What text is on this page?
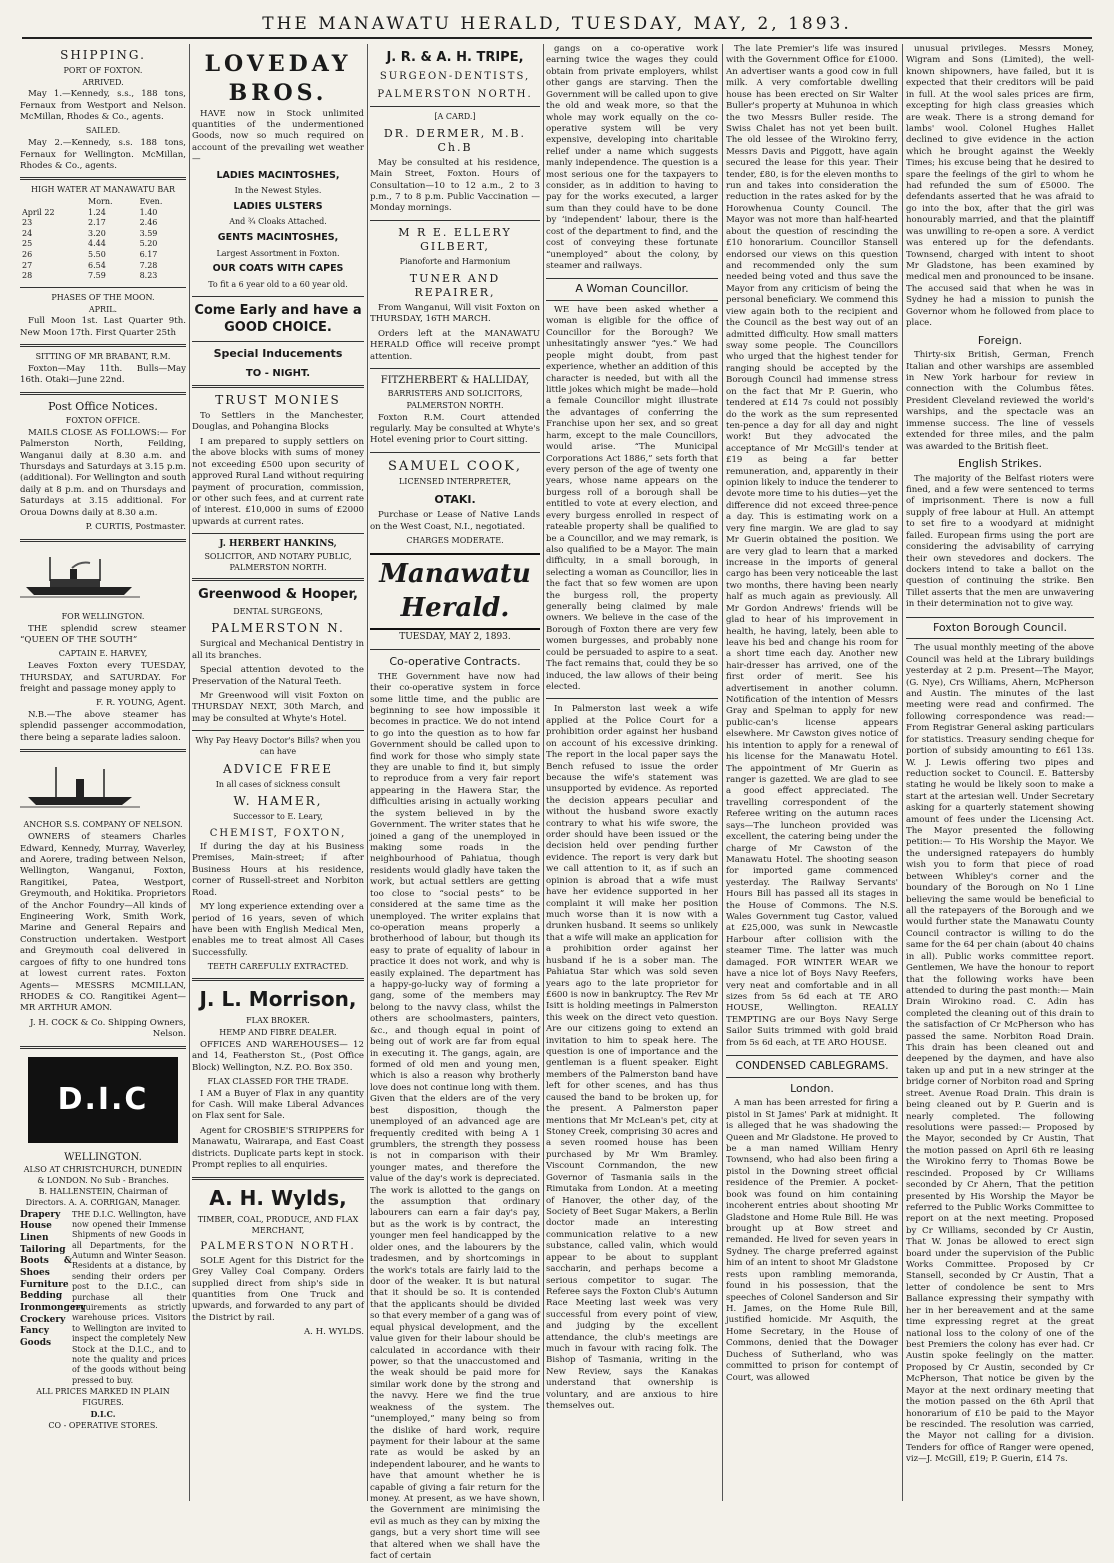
THE MANAWATU HERALD, TUESDAY, MAY, 2, 1893.
SHIPPING.
PORT OF FOXTON.
ARRIVED.

May 1.—Kennedy, s.s., 188 tons, Fernaux from Westport and Nelson. McMillan, Rhodes & Co., agents.

SAILED.

May 2.—Kennedy, s.s. 188 tons, Fernaux for Wellington. McMillan, Rhodes & Co., agents.

HIGH WATER AT MANAWATU BAR
	Morn.	Even.
April 22	1.24	1.40
23	2.17	2.46
24	3.20	3.59
25	4.44	5.20
26	5.50	6.17
27	6.54	7.28
28	7.59	8.23
PHASES OF THE MOON.
APRIL.

Full Moon 1st. Last Quarter 9th. New Moon 17th. First Quarter 25th

SITTING OF MR BRABANT, R.M.

Foxton—May 11th. Bulls—May 16th. Otaki—June 22nd.

Post Office Notices.
FOXTON OFFICE.

MAILS CLOSE AS FOLLOWS:— For Palmerston North, Feilding, Wanganui daily at 8.30 a.m. and Thursdays and Saturdays at 3.15 p.m. (additional). For Wellington and south daily at 8 p.m. and on Thursdays and Saturdays at 3.15 additional. For Oroua Downs daily at 8.30 a.m.

P. CURTIS, Postmaster.
FOR WELLINGTON.

THE splendid screw steamer “QUEEN OF THE SOUTH”

CAPTAIN E. HARVEY,

Leaves Foxton every TUESDAY, THURSDAY, and SATURDAY. For freight and passage money apply to

F. R. YOUNG, Agent.

N.B.—The above steamer has splendid passenger accommodation, there being a separate ladies saloon.

ANCHOR S.S. COMPANY OF NELSON.

OWNERS of steamers Charles Edward, Kennedy, Murray, Waverley, and Aorere, trading between Nelson, Wellington, Wanganui, Foxton, Rangitikei, Patea, Westport, Greymouth, and Hokitika. Proprietors of the Anchor Foundry—All kinds of Engineering Work, Smith Work, Marine and General Repairs and Construction undertaken. Westport and Greymouth coal delivered in cargoes of fifty to one hundred tons at lowest current rates. Foxton Agents— MESSRS MCMILLAN, RHODES & CO. Rangitikei Agent— MR ARTHUR AMON.

J. H. COCK & Co. Shipping Owners, Nelson.
D.I.C
WELLINGTON.
ALSO AT CHRISTCHURCH, DUNEDIN & LONDON. No Sub - Branches.
B. HALLENSTEIN, Chairman of Directors. A. A. CORRIGAN, Manager.
Drapery
House Linen
Tailoring
Boots & Shoes
Furniture
Bedding
Ironmongery
Crockery
Fancy Goods
THE D.I.C. Wellington, have now opened their Immense Shipments of new Goods in all Departments, for the Autumn and Winter Season. Residents at a distance, by sending their orders per post to the D.I.C., can purchase all their requirements as strictly warehouse prices. Visitors to Wellington are invited to inspect the completely New Stock at the D.I.C., and to note the quality and prices of the goods without being pressed to buy.
ALL PRICES MARKED IN PLAIN FIGURES.
D.I.C.
CO - OPERATIVE STORES.
LOVEDAY
BROS.

HAVE now in Stock unlimited quantities of the undermentioned Goods, now so much required on account of the prevailing wet weather—

LADIES MACINTOSHES,
In the Newest Styles.
LADIES ULSTERS
And ¾ Cloaks Attached.
GENTS MACINTOSHES,
Largest Assortment in Foxton.
OUR COATS WITH CAPES
To fit a 6 year old to a 60 year old.
Come Early and have a GOOD CHOICE.
Special Inducements
TO - NIGHT.
TRUST MONIES

To Settlers in the Manchester, Douglas, and Pohangina Blocks

I am prepared to supply settlers on the above blocks with sums of money not exceeding £500 upon security of approved Rural Land without requiring payment of procuration, commission, or other such fees, and at current rate of interest. £10,000 in sums of £2000 upwards at current rates.

J. HERBERT HANKINS,
SOLICITOR, AND NOTARY PUBLIC, PALMERSTON NORTH.
Greenwood & Hooper,
DENTAL SURGEONS,
PALMERSTON N.

Surgical and Mechanical Dentistry in all its branches.

Special attention devoted to the Preservation of the Natural Teeth.

Mr Greenwood will visit Foxton on THURSDAY NEXT, 30th March, and may be consulted at Whyte's Hotel.

Why Pay Heavy Doctor's Bills? when you can have
ADVICE FREE
In all cases of sickness consult
W. HAMER,
Successor to E. Leary,
CHEMIST, FOXTON,

If during the day at his Business Premises, Main-street; if after Business Hours at his residence, corner of Russell-street and Norbiton Road.

MY long experience extending over a period of 16 years, seven of which have been with English Medical Men, enables me to treat almost All Cases Successfully.

TEETH CAREFULLY EXTRACTED.
J. L. Morrison,
FLAX BROKER.
HEMP AND FIBRE DEALER.

OFFICES AND WAREHOUSES— 12 and 14, Featherston St., (Post Office Block) Wellington, N.Z. P.O. Box 350.

FLAX CLASSED FOR THE TRADE.

I AM a Buyer of Flax in any quantity for Cash. Will make Liberal Advances on Flax sent for Sale.

Agent for CROSBIE'S STRIPPERS for Manawatu, Wairarapa, and East Coast districts. Duplicate parts kept in stock. Prompt replies to all enquiries.

A. H. Wylds,
TIMBER, COAL, PRODUCE, AND FLAX MERCHANT,
PALMERSTON NORTH.

SOLE Agent for this District for the Grey Valley Coal Company. Orders supplied direct from ship's side in quantities from One Truck and upwards, and forwarded to any part of the District by rail.

A. H. WYLDS.
J. R. & A. H. TRIPE,
SURGEON-DENTISTS,
PALMERSTON NORTH.
[A CARD.]
DR. DERMER, M.B. Ch.B

May be consulted at his residence, Main Street, Foxton. Hours of Consultation—10 to 12 a.m., 2 to 3 p.m., 7 to 8 p.m. Public Vaccination — Monday mornings.

M R E. ELLERY GILBERT,
Pianoforte and Harmonium
TUNER AND REPAIRER,

From Wanganui, Will visit Foxton on THURSDAY, 16TH MARCH.

Orders left at the MANAWATU HERALD Office will receive prompt attention.

FITZHERBERT & HALLIDAY,
BARRISTERS AND SOLICITORS,
PALMERSTON NORTH.

Foxton R.M. Court attended regularly. May be consulted at Whyte's Hotel evening prior to Court sitting.

SAMUEL COOK,
LICENSED INTERPRETER,
OTAKI.

Purchase or Lease of Native Lands on the West Coast, N.I., negotiated.

CHARGES MODERATE.
Manawatu Herald.
TUESDAY, MAY 2, 1893.
Co-operative Contracts.

THE Government have now had their co-operative system in force some little time, and the public are beginning to see how impossible it becomes in practice. We do not intend to go into the question as to how far Government should be called upon to find work for those who simply state they are unable to find it, but simply to reproduce from a very fair report appearing in the Hawera Star, the difficulties arising in actually working the system believed in by the Government. The writer states that he joined a gang of the unemployed in making some roads in the neighbourhood of Pahiatua, though residents would gladly have taken the work, but actual settlers are getting too close to “social pests” to be considered at the same time as the unemployed. The writer explains that co-operation means properly a brotherhood of labour, but though its easy to prate of equality of labour in practice it does not work, and why is easily explained. The department has a happy-go-lucky way of forming a gang, some of the members may belong to the navvy class, whilst the others are schoolmasters, painters, &c., and though equal in point of being out of work are far from equal in executing it. The gangs, again, are formed of old men and young men, which is also a reason why brotherly love does not continue long with them. Given that the elders are of the very best disposition, though the unemployed of an advanced age are frequently credited with being A 1 grumblers, the strength they possess is not in comparison with their younger mates, and therefore the value of the day's work is depreciated. The work is allotted to the gangs on the assumption that ordinary labourers can earn a fair day's pay, but as the work is by contract, the younger men feel handicapped by the older ones, and the labourers by the tradesmen, and by shortcomings in the work's totals are fairly laid to the door of the weaker. It is but natural that it should be so. It is contended that the applicants should be divided so that every member of a gang was of equal physical development, and the value given for their labour should be calculated in accordance with their power, so that the unaccustomed and the weak should be paid more for similar work done by the strong and the navvy. Here we find the true weakness of the system. The “unemployed,” many being so from the dislike of hard work, require payment for their labour at the same rate as would be asked by an independent labourer, and he wants to have that amount whether he is capable of giving a fair return for the money. At present, as we have shown, the Government are minimising the evil as much as they can by mixing the gangs, but a very short time will see that altered when we shall have the fact of certain

gangs on a co-operative work earning twice the wages they could obtain from private employers, whilst other gangs are starving. Then the Government will be called upon to give the old and weak more, so that the whole may work equally on the co-operative system will be very expensive, developing into charitable relief under a name which suggests manly independence. The question is a most serious one for the taxpayers to consider, as in addition to having to pay for the works executed, a larger sum than they could have to be done by ‘independent’ labour, there is the cost of the department to find, and the cost of conveying these fortunate “unemployed” about the colony, by steamer and railways.

A Woman Councillor.

WE have been asked whether a woman is eligible for the office of Councillor for the Borough? We unhesitatingly answer “yes.” We had people might doubt, from past experience, whether an addition of this character is needed, but with all the little jokes which might be made—hold a female Councillor might illustrate the advantages of conferring the Franchise upon her sex, and so great harm, except to the male Councillors, would arise. “The Municipal Corporations Act 1886,” sets forth that every person of the age of twenty one years, whose name appears on the burgess roll of a borough shall be entitled to vote at every election, and every burgess enrolled in respect of rateable property shall be qualified to be a Councillor, and we may remark, is also qualified to be a Mayor. The main difficulty, in a small borough, in selecting a woman as Councillor, lies in the fact that so few women are upon the burgess roll, the property generally being claimed by male owners. We believe in the case of the Borough of Foxton there are very few women burgesses, and probably none could be persuaded to aspire to a seat. The fact remains that, could they be so induced, the law allows of their being elected.

In Palmerston last week a wife applied at the Police Court for a prohibition order against her husband on account of his excessive drinking. The report in the local paper says the Bench refused to issue the order because the wife's statement was unsupported by evidence. As reported the decision appears peculiar and without the husband swore exactly contrary to what his wife swore, the order should have been issued or the decision held over pending further evidence. The report is very dark but we call attention to it, as if such an opinion is abroad that a wife must have her evidence supported in her complaint it will make her position much worse than it is now with a drunken husband. It seems so unlikely that a wife will make an application for a prohibition order against her husband if he is a sober man. The Pahiatua Star which was sold seven years ago to the late proprietor for £600 is now in bankruptcy. The Rev Mr Isitt is holding meetings in Palmerston this week on the direct veto question. Are our citizens going to extend an invitation to him to speak here. The question is one of importance and the gentleman is a fluent speaker. Eight members of the Palmerston band have left for other scenes, and has thus caused the band to be broken up, for the present. A Palmerston paper mentions that Mr McLean's pet, city at Stoney Creek, comprising 30 acres and a seven roomed house has been purchased by Mr Wm Bramley. Viscount Cornmandon, the new Governor of Tasmania sails in the Rimutaka from London. At a meeting of Hanover, the other day, of the Society of Beet Sugar Makers, a Berlin doctor made an interesting communication relative to a new substance, called valin, which would appear to be about to supplant saccharin, and perhaps become a serious competitor to sugar. The Referee says the Foxton Club's Autumn Race Meeting last week was very successful from every point of view, and judging by the excellent attendance, the club's meetings are much in favour with racing folk. The Bishop of Tasmania, writing in the New Review, says the Kanakas understand that ownership is voluntary, and are anxious to hire themselves out.

The late Premier's life was insured with the Government Office for £1000. An advertiser wants a good cow in full milk. A very comfortable dwelling house has been erected on Sir Walter Buller's property at Muhunoa in which the two Messrs Buller reside. The Swiss Chalet has not yet been built. The old lessee of the Wirokino ferry, Messrs Davis and Piggott, have again secured the lease for this year. Their tender, £80, is for the eleven months to run and takes into consideration the reduction in the rates asked for by the Horowhenua County Council. The Mayor was not more than half-hearted about the question of rescinding the £10 honorarium. Councillor Stansell endorsed our views on this question and recommended only the sum needed being voted and thus save the Mayor from any criticism of being the personal beneficiary. We commend this view again both to the recipient and the Council as the best way out of an admitted difficulty. How small matters sway some people. The Councillors who urged that the highest tender for ranging should be accepted by the Borough Council had immense stress on the fact that Mr P. Guerin, who tendered at £14 7s could not possibly do the work as the sum represented ten-pence a day for all day and night work! But they advocated the acceptance of Mr McGill's tender at £19 as being a far better remuneration, and, apparently in their opinion likely to induce the tenderer to devote more time to his duties—yet the difference did not exceed three-pence a day. This is estimating work on a very fine margin. We are glad to say Mr Guerin obtained the position. We are very glad to learn that a marked increase in the imports of general cargo has been very noticeable the last two months, there having been nearly half as much again as previously. All Mr Gordon Andrews' friends will be glad to hear of his improvement in health, he having, lately, been able to leave his bed and change his room for a short time each day. Another new hair-dresser has arrived, one of the first order of merit. See his advertisement in another column. Notification of the intention of Messrs Gray and Spelman to apply for new public-can's license appears elsewhere. Mr Cawston gives notice of his intention to apply for a renewal of his license for the Manawatu Hotel. The appointment of Mr Guerin as ranger is gazetted. We are glad to see a good effect appreciated. The travelling correspondent of the Referee writing on the autumn races says—The luncheon provided was excellent, the catering being under the charge of Mr Cawston of the Manawatu Hotel. The shooting season for imported game commenced yesterday. The Railway Servants' Hours Bill has passed all its stages in the House of Commons. The N.S. Wales Government tug Castor, valued at £25,000, was sunk in Newcastle Harbour after collision with the steamer Time. The latter was much damaged. FOR WINTER WEAR we have a nice lot of Boys Navy Reefers, very neat and comfortable and in all sizes from 5s 6d each at TE ARO HOUSE, Wellington. REALLY TEMPTING are our Boys Navy Serge Sailor Suits trimmed with gold braid from 5s 6d each, at TE ARO HOUSE.

CONDENSED CABLEGRAMS.
London.

A man has been arrested for firing a pistol in St James' Park at midnight. It is alleged that he was shadowing the Queen and Mr Gladstone. He proved to be a man named William Henry Townsend, who had also been firing a pistol in the Downing street official residence of the Premier. A pocket-book was found on him containing incoherent entries about shooting Mr Gladstone and Home Rule Bill. He was brought up at Bow street and remanded. He lived for seven years in Sydney. The charge preferred against him of an intent to shoot Mr Gladstone rests upon rambling memoranda, found in his possession, that the speeches of Colonel Sanderson and Sir H. James, on the Home Rule Bill, justified homicide. Mr Asquith, the Home Secretary, in the House of Commons, denied that the Dowager Duchess of Sutherland, who was committed to prison for contempt of Court, was allowed

unusual privileges. Messrs Money, Wigram and Sons (Limited), the well-known shipowners, have failed, but it is expected that their creditors will be paid in full. At the wool sales prices are firm, excepting for high class greasies which are weak. There is a strong demand for lambs' wool. Colonel Hughes Hallet declined to give evidence in the action which he brought against the Weekly Times; his excuse being that he desired to spare the feelings of the girl to whom he had refunded the sum of £5000. The defendants asserted that he was afraid to go into the box, after that the girl was honourably married, and that the plaintiff was unwilling to re-open a sore. A verdict was entered up for the defendants. Townsend, charged with intent to shoot Mr Gladstone, has been examined by medical men and pronounced to be insane. The accused said that when he was in Sydney he had a mission to punish the Governor whom he followed from place to place.

Foreign.

Thirty-six British, German, French Italian and other warships are assembled in New York harbour for review in connection with the Columbus fêtes. President Cleveland reviewed the world's warships, and the spectacle was an immense success. The line of vessels extended for three miles, and the palm was awarded to the British fleet.

English Strikes.

The majority of the Belfast rioters were fined, and a few were sentenced to terms of imprisonment. There is now a full supply of free labour at Hull. An attempt to set fire to a woodyard at midnight failed. European firms using the port are considering the advisability of carrying their own stevedores and dockers. The dockers intend to take a ballot on the question of continuing the strike. Ben Tillet asserts that the men are unwavering in their determination not to give way.

Foxton Borough Council.

The usual monthly meeting of the above Council was held at the Library buildings yesterday at 2 p.m. Present—The Mayor, (G. Nye), Crs Williams, Ahern, McPherson and Austin. The minutes of the last meeting were read and confirmed. The following correspondence was read:— From Registrar General asking particulars for statistics. Treasury sending cheque for portion of subsidy amounting to £61 13s. W. J. Lewis offering two pipes and reduction socket to Council. E. Battersby stating he would be likely soon to make a start at the artesian well. Under Secretary asking for a quarterly statement showing amount of fees under the Licensing Act. The Mayor presented the following petition:— To His Worship the Mayor. We the undersigned ratepayers do humbly wish you to form that piece of road between Whibley's corner and the boundary of the Borough on No 1 Line believing the same would be beneficial to all the ratepayers of the Borough and we would further state the Manawatu County Council contractor is willing to do the same for the 64 per chain (about 40 chains in all). Public works committee report. Gentlemen, We have the honour to report that the following works have been attended to during the past month:— Main Drain Wirokino road. C. Adin has completed the cleaning out of this drain to the satisfaction of Cr McPherson who has passed the same. Norbiton Road Drain. This drain has been cleaned out and deepened by the daymen, and have also taken up and put in a new stringer at the bridge corner of Norbiton road and Spring street. Avenue Road Drain. This drain is being cleaned out by P. Guerin and is nearly completed. The following resolutions were passed:— Proposed by the Mayor, seconded by Cr Austin, That the motion passed on April 6th re leasing the Wirokino ferry to Thomas Bowe be rescinded. Proposed by Cr Williams seconded by Cr Ahern, That the petition presented by His Worship the Mayor be referred to the Public Works Committee to report on at the next meeting. Proposed by Cr Williams, seconded by Cr Austin, That W. Jonas be allowed to erect sign board under the supervision of the Public Works Committee. Proposed by Cr Stansell, seconded by Cr Austin, That a letter of condolence be sent to Mrs Ballance expressing their sympathy with her in her bereavement and at the same time expressing regret at the great national loss to the colony of one of the best Premiers the colony has ever had. Cr Austin spoke feelingly on the matter. Proposed by Cr Austin, seconded by Cr McPherson, That notice be given by the Mayor at the next ordinary meeting that the motion passed on the 6th April that honorarium of £10 be paid to the Mayor be rescinded. The resolution was carried, the Mayor not calling for a division. Tenders for office of Ranger were opened, viz—J. McGill, £19; P. Guerin, £14 7s.
